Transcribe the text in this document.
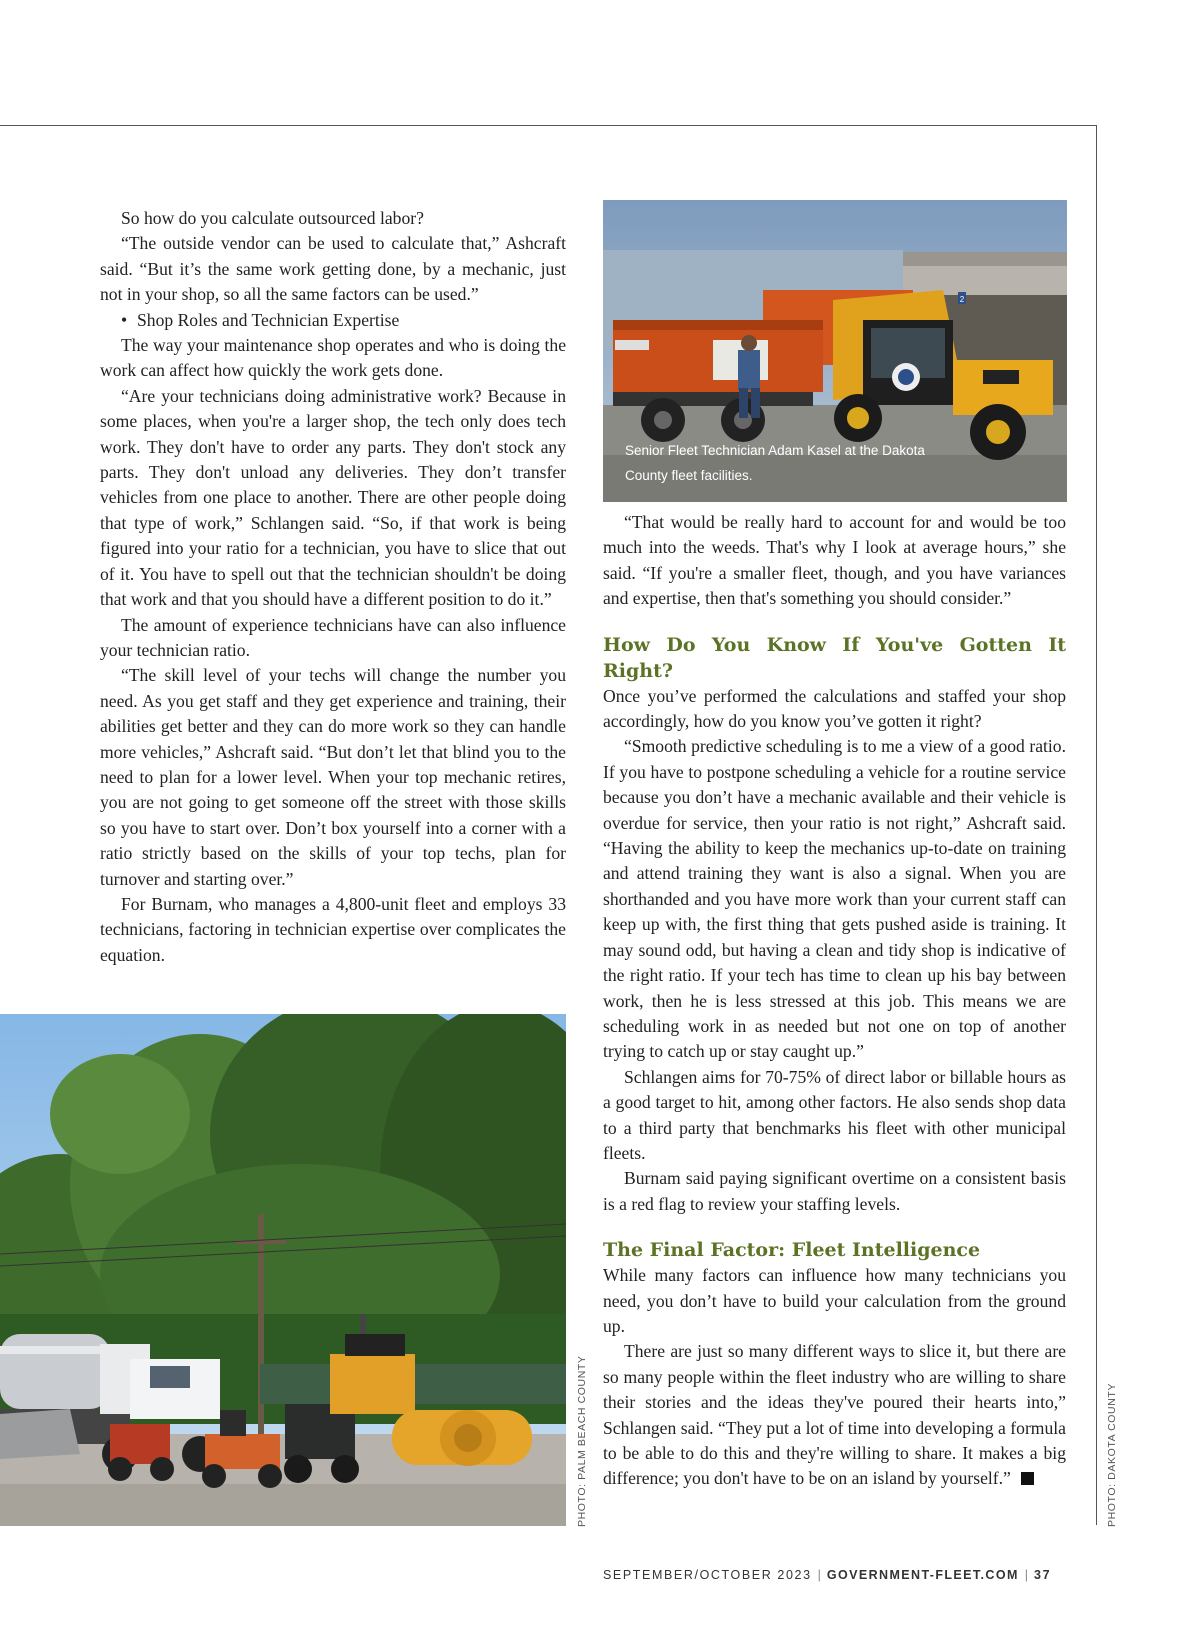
So how do you calculate outsourced labor?

“The outside vendor can be used to calculate that,” Ashcraft said. “But it’s the same work getting done, by a mechanic, just not in your shop, so all the same factors can be used.”

• Shop Roles and Technician Expertise

The way your maintenance shop operates and who is doing the work can affect how quickly the work gets done.

“Are your technicians doing administrative work? Because in some places, when you're a larger shop, the tech only does tech work. They don't have to order any parts. They don't stock any parts. They don't unload any deliveries. They don’t transfer vehicles from one place to another. There are other people doing that type of work,” Schlangen said. “So, if that work is being figured into your ratio for a technician, you have to slice that out of it. You have to spell out that the technician shouldn't be doing that work and that you should have a different position to do it.”

The amount of experience technicians have can also influence your technician ratio.

“The skill level of your techs will change the number you need. As you get staff and they get experience and training, their abilities get better and they can do more work so they can handle more vehicles,” Ashcraft said. “But don’t let that blind you to the need to plan for a lower level. When your top mechanic retires, you are not going to get someone off the street with those skills so you have to start over. Don’t box yourself into a corner with a ratio strictly based on the skills of your top techs, plan for turnover and starting over.”

For Burnam, who manages a 4,800-unit fleet and employs 33 technicians, factoring in technician expertise over complicates the equation.

2
Senior Fleet Technician Adam Kasel at the Dakota County fleet facilities.

“That would be really hard to account for and would be too much into the weeds. That's why I look at average hours,” she said. “If you're a smaller fleet, though, and you have variances and expertise, then that's something you should consider.”

How Do You Know If You've Gotten It Right?

Once you’ve performed the calculations and staffed your shop accordingly, how do you know you’ve gotten it right?

“Smooth predictive scheduling is to me a view of a good ratio. If you have to postpone scheduling a vehicle for a routine service because you don’t have a mechanic available and their vehicle is overdue for service, then your ratio is not right,” Ashcraft said. “Having the ability to keep the mechanics up-to-date on training and attend training they want is also a signal. When you are shorthanded and you have more work than your current staff can keep up with, the first thing that gets pushed aside is training. It may sound odd, but having a clean and tidy shop is indicative of the right ratio. If your tech has time to clean up his bay between work, then he is less stressed at this job. This means we are scheduling work in as needed but not one on top of another trying to catch up or stay caught up.”

Schlangen aims for 70-75% of direct labor or billable hours as a good target to hit, among other factors. He also sends shop data to a third party that benchmarks his fleet with other municipal fleets.

Burnam said paying significant overtime on a consistent basis is a red flag to review your staffing levels.

The Final Factor: Fleet Intelligence

While many factors can influence how many technicians you need, you don’t have to build your calculation from the ground up.

There are just so many different ways to slice it, but there are so many people within the fleet industry who are willing to share their stories and the ideas they've poured their hearts into,” Schlangen said. “They put a lot of time into developing a formula to be able to do this and they're willing to share. It makes a big difference; you don't have to be on an island by yourself.”

PHOTO: PALM BEACH COUNTY	PHOTO: DAKOTA COUNTY
SEPTEMBER/OCTOBER 2023 | GOVERNMENT-FLEET.COM | 37
